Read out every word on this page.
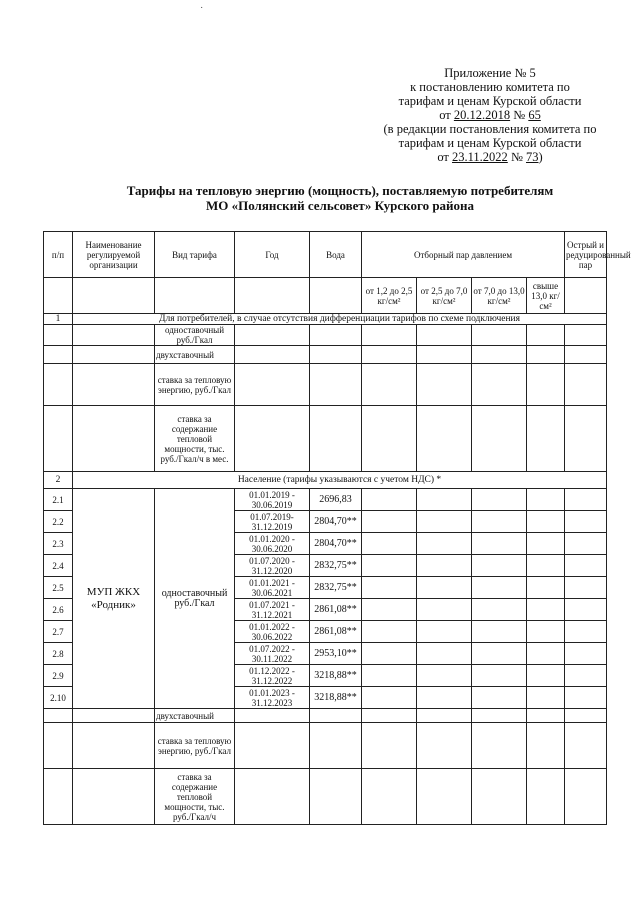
˙
Приложение № 5
к постановлению комитета по
тарифам и ценам Курской области
от 20.12.2018 № 65
(в редакции постановления комитета по
тарифам и ценам Курской области
от 23.11.2022 № 73)
Тарифы на тепловую энергию (мощность), поставляемую потребителям
МО «Полянский сельсовет» Курского района
п/п	Наименование регулируемой организации	Вид тарифа	Год	Вода	Отборный пар давлением				Острый и редуцированный пар
					от 1,2 до 2,5 кг/см²	от 2,5 до 7,0 кг/см²	от 7,0 до 13,0 кг/см²	свыше 13,0 кг/см²	
1	Для потребителей, в случае отсутствия дифференциации тарифов по схеме подключения								
		одноставочный руб./Гкал							
		двухставочный							
		ставка за тепловую энергию, руб./Гкал							
		ставка за содержание тепловой мощности, тыс. руб./Гкал/ч в мес.							
2	Население (тарифы указываются с учетом НДС) *								
2.1	МУП ЖКХ «Родник»	одноставочный руб./Гкал	01.01.2019 - 30.06.2019	2696,83					
2.2			01.07.2019- 31.12.2019	2804,70**					
2.3			01.01.2020 - 30.06.2020	2804,70**					
2.4			01.07.2020 - 31.12.2020	2832,75**					
2.5			01.01.2021 - 30.06.2021	2832,75**					
2.6			01.07.2021 - 31.12.2021	2861,08**					
2.7			01.01.2022 - 30.06.2022	2861,08**					
2.8			01.07.2022 - 30.11.2022	2953,10**					
2.9			01.12.2022 - 31.12.2022	3218,88**					
2.10			01.01.2023 - 31.12.2023	3218,88**					
		двухставочный							
		ставка за тепловую энергию, руб./Гкал							
		ставка за содержание тепловой мощности, тыс. руб./Гкал/ч							
